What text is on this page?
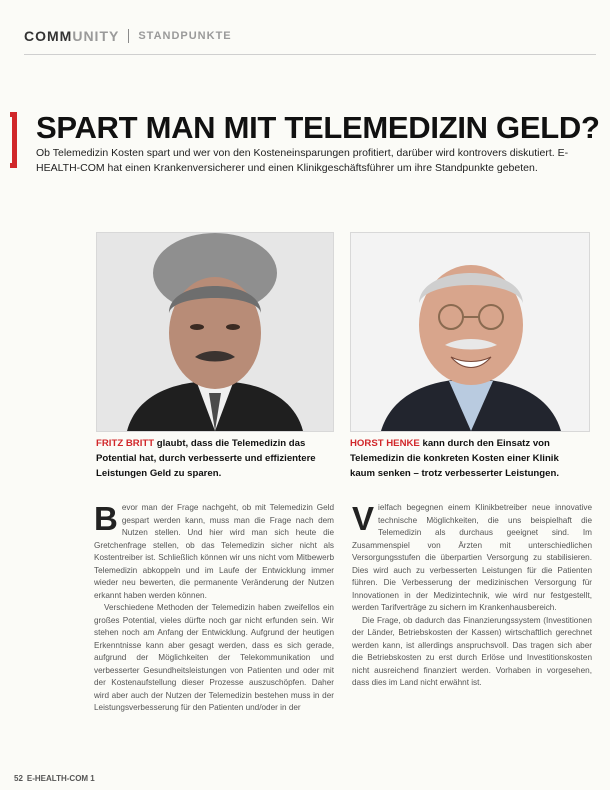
COMMUNITY STANDPUNKTE
SPART MAN MIT TELEMEDIZIN GELD?

Ob Telemedizin Kosten spart und wer von den Kosteneinsparungen profitiert, darüber wird kontrovers diskutiert. E-HEALTH-COM hat einen Krankenversicherer und einen Klinikgeschäftsführer um ihre Standpunkte gebeten.

FRITZ BRITT glaubt, dass die Telemedizin das Potential hat, durch verbesserte und effizientere Leistungen Geld zu sparen.

HORST HENKE kann durch den Einsatz von Telemedizin die konkreten Kosten einer Klinik kaum senken – trotz verbesserter Leistungen.

Bevor man der Frage nachgeht, ob mit Telemedizin Geld gespart werden kann, muss man die Frage nach dem Nutzen stellen. Und hier wird man sich heute die Gretchenfrage stellen, ob das Telemedizin sicher nicht als Kostentreiber ist. Schließlich können wir uns nicht vom Mitbewerb Telemedizin abkoppeln und im Laufe der Entwicklung immer wieder neu bewerten, die permanente Veränderung der Nutzen erkannt haben werden können.

Verschiedene Methoden der Telemedizin haben zweifellos ein großes Potential, vieles dürfte noch gar nicht erfunden sein. Wir stehen noch am Anfang der Entwicklung. Aufgrund der heutigen Erkenntnisse kann aber gesagt werden, dass es sich gerade, aufgrund der Möglichkeiten der Telekommunikation und verbesserter Gesundheitsleistungen von Patienten und oder mit der Kostenaufstellung dieser Prozesse auszuschöpfen. Daher wird aber auch der Nutzen der Telemedizin bestehen muss in der Leistungsverbesserung für den Patienten und/oder in der

Vielfach begegnen einem Klinikbetreiber neue innovative technische Möglichkeiten, die uns beispielhaft die Telemedizin als durchaus geeignet sind. Im Zusammenspiel von Ärzten mit unterschiedlichen Versorgungsstufen die überpartien Versorgung zu stabilisieren. Dies wird auch zu verbesserten Leistungen für die Patienten führen. Die Verbesserung der medizinischen Versorgung für Innovationen in der Medizintechnik, wie wird nur festgestellt, werden Tarifverträge zu sichern im Krankenhausbereich.

Die Frage, ob dadurch das Finanzierungssystem (Investitionen der Länder, Betriebskosten der Kassen) wirtschaftlich gerechnet werden kann, ist allerdings anspruchsvoll. Das tragen sich aber die Betriebskosten zu erst durch Erlöse und Investitionskosten nicht ausreichend finanziert werden. Vorhaben in vorgesehen, dass dies im Land nicht erwähnt ist.

52 E-HEALTH-COM 1
